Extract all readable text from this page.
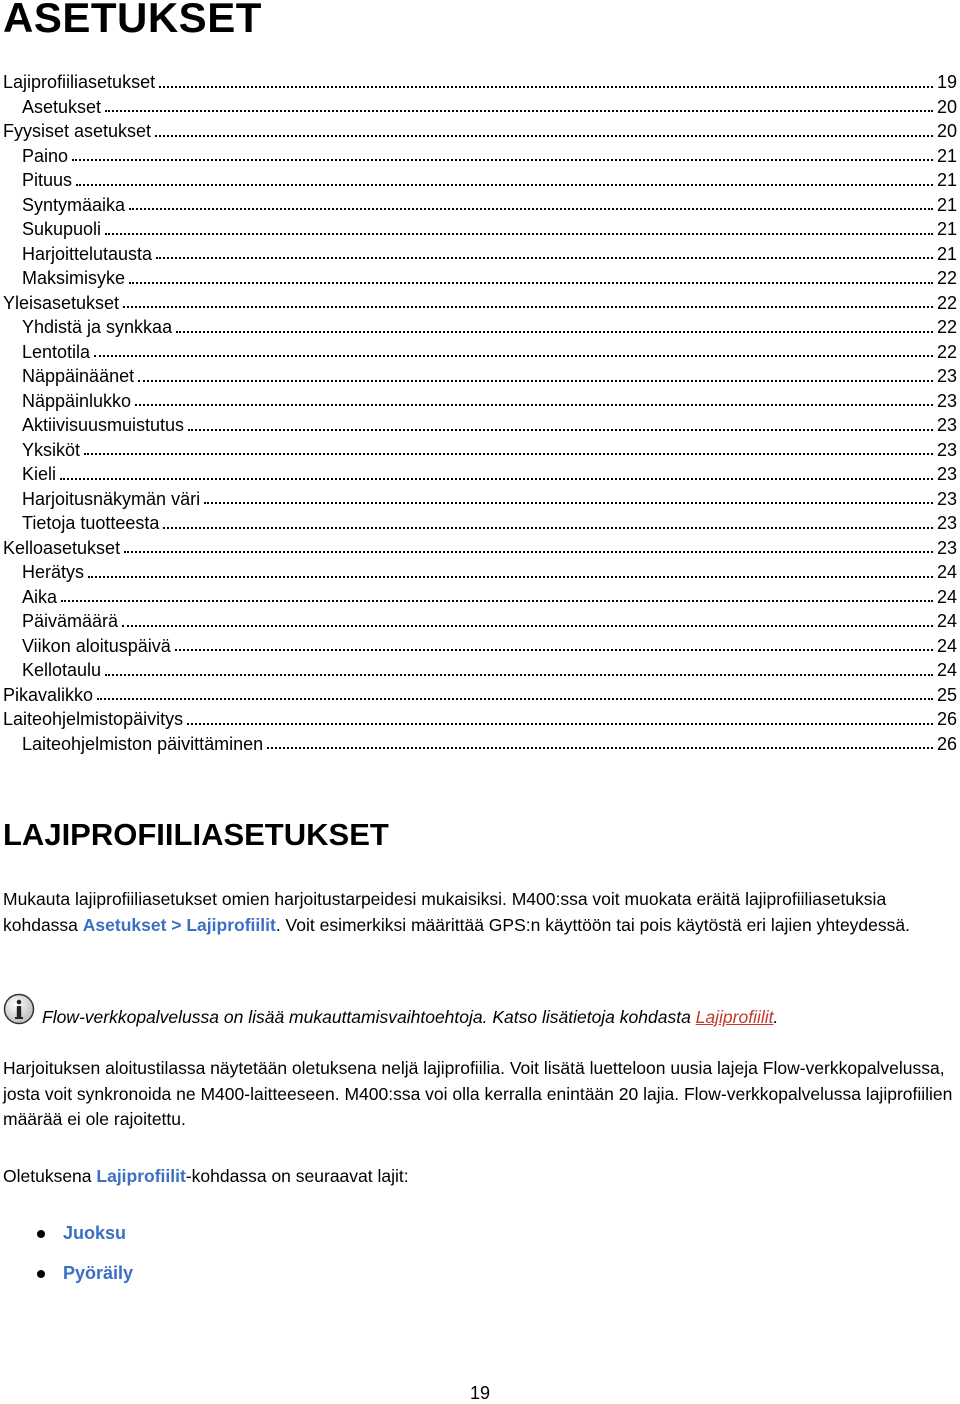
ASETUKSET
Lajiprofiiliasetukset	19
Asetukset	20
Fyysiset asetukset	20
Paino	21
Pituus	21
Syntymäaika	21
Sukupuoli	21
Harjoittelutausta	21
Maksimisyke	22
Yleisasetukset	22
Yhdistä ja synkkaa	22
Lentotila	22
Näppäinäänet	23
Näppäinlukko	23
Aktiivisuusmuistutus	23
Yksiköt	23
Kieli	23
Harjoitusnäkymän väri	23
Tietoja tuotteesta	23
Kelloasetukset	23
Herätys	24
Aika	24
Päivämäärä	24
Viikon aloituspäivä	24
Kellotaulu	24
Pikavalikko	25
Laiteohjelmistopäivitys	26
Laiteohjelmiston päivittäminen	26
LAJIPROFIILIASETUKSET

Mukauta lajiprofiiliasetukset omien harjoitustarpeidesi mukaisiksi. M400:ssa voit muokata eräitä lajiprofiiliasetuksia kohdassa Asetukset > Lajiprofiilit. Voit esimerkiksi määrittää GPS:n käyttöön tai pois käytöstä eri lajien yhteydessä.

Flow-verkkopalvelussa on lisää mukauttamisvaihtoehtoja. Katso lisätietoja kohdasta Lajiprofiilit.

Harjoituksen aloitustilassa näytetään oletuksena neljä lajiprofiilia. Voit lisätä luetteloon uusia lajeja Flow-verkkopalvelussa, josta voit synkronoida ne M400-laitteeseen. M400:ssa voi olla kerralla enintään 20 lajia. Flow-verkkopalvelussa lajiprofiilien määrää ei ole rajoitettu.

Oletuksena Lajiprofiilit-kohdassa on seuraavat lajit:

Juoksu
Pyöräily
19
